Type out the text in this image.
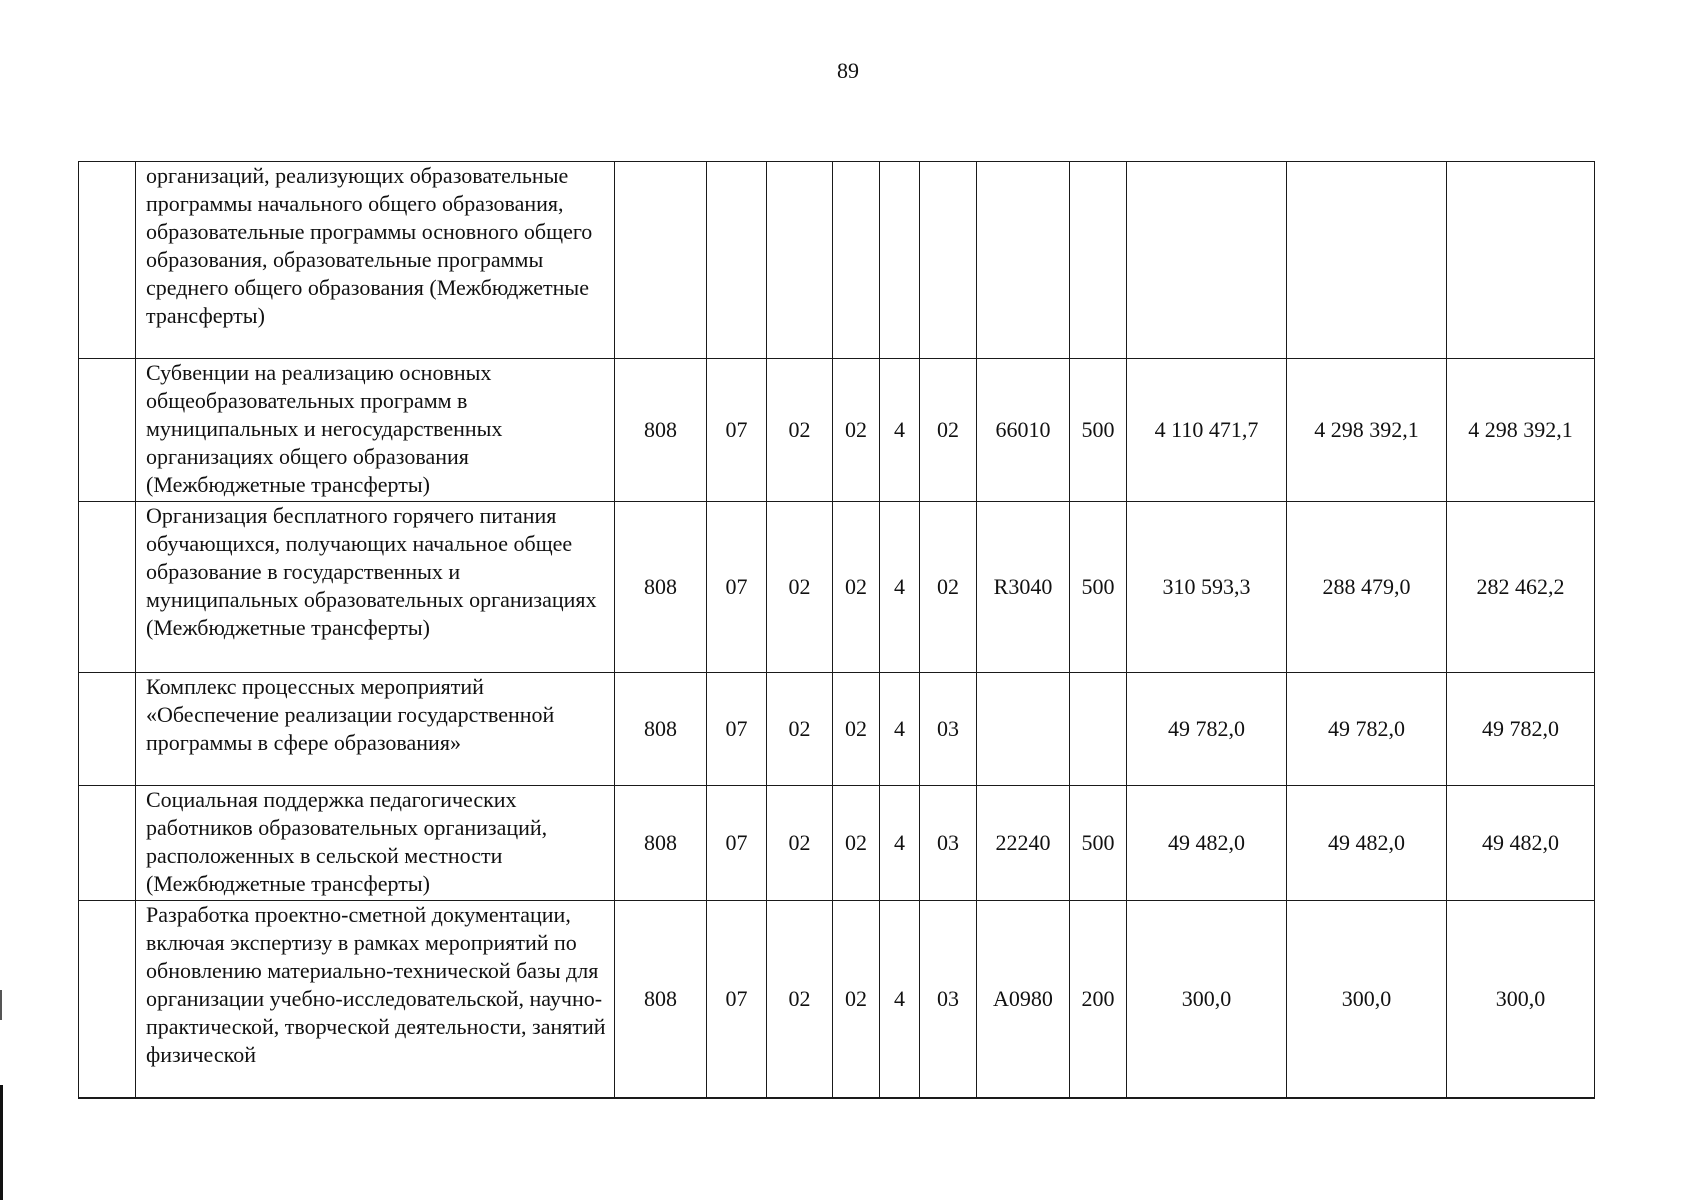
89
	организаций, реализующих образовательные программы начального общего образования, образовательные программы основного общего образования, образовательные программы среднего общего образования (Межбюджетные трансферты)											
	Субвенции на реализацию основных общеобразовательных программ в муниципальных и негосударственных организациях общего образования (Межбюджетные трансферты)	808	07	02	02	4	02	66010	500	4 110 471,7	4 298 392,1	4 298 392,1
	Организация бесплатного горячего питания обучающихся, получающих начальное общее образование в государственных и муниципальных образовательных организациях (Межбюджетные трансферты)	808	07	02	02	4	02	R3040	500	310 593,3	288 479,0	282 462,2
	Комплекс процессных мероприятий «Обеспечение реализации государственной программы в сфере образования»	808	07	02	02	4	03			49 782,0	49 782,0	49 782,0
	Социальная поддержка педагогических работников образовательных организаций, расположенных в сельской местности (Межбюджетные трансферты)	808	07	02	02	4	03	22240	500	49 482,0	49 482,0	49 482,0
	Разработка проектно-сметной документации, включая экспертизу в рамках мероприятий по обновлению материально-технической базы для организации учебно-исследовательской, научно-практической, творческой деятельности, занятий физической	808	07	02	02	4	03	A0980	200	300,0	300,0	300,0
